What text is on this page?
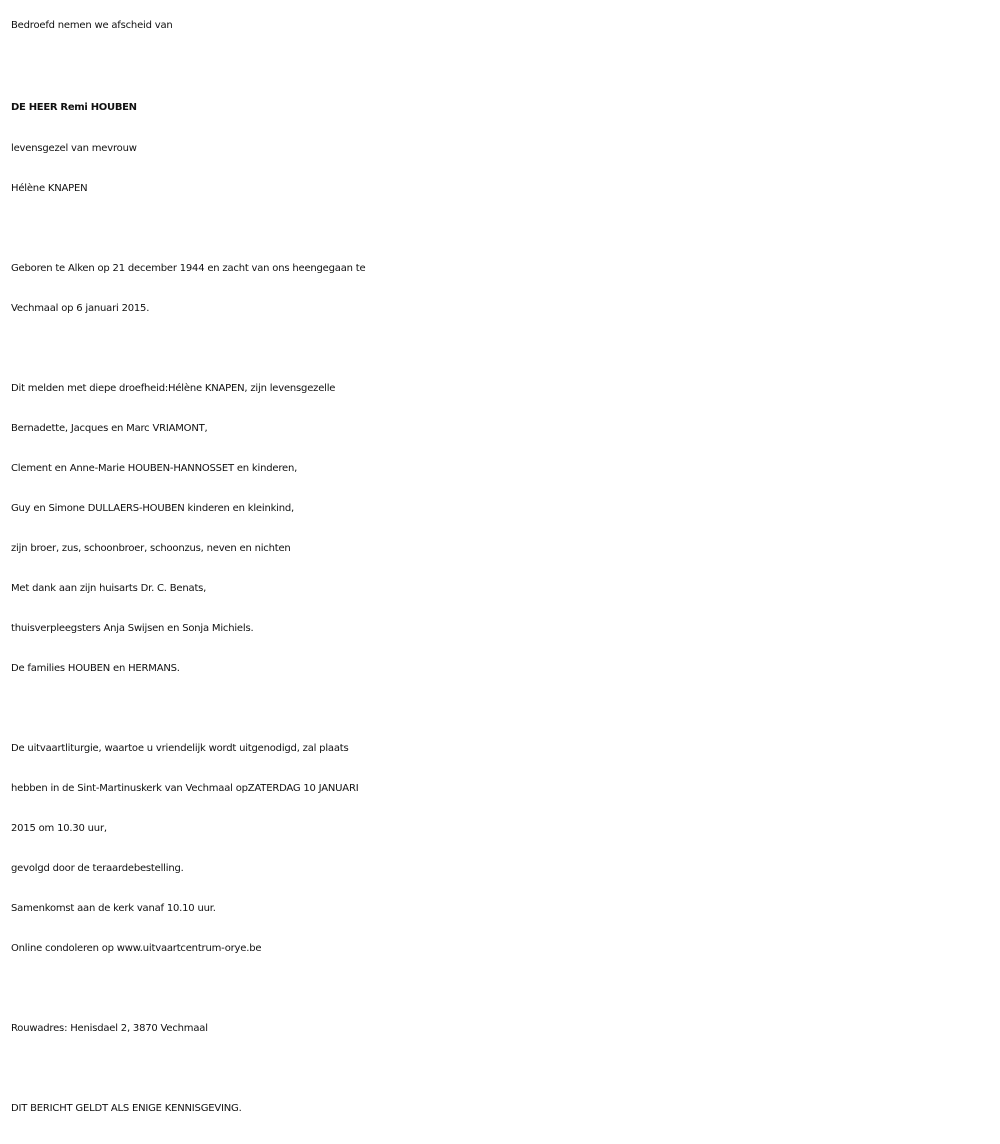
Bedroefd nemen we afscheid van
DE HEER Remi HOUBEN
levensgezel van mevrouw
Hélène KNAPEN
Geboren te Alken op 21 december 1944 en zacht van ons heengegaan te
Vechmaal op 6 januari 2015.
Dit melden met diepe droefheid:Hélène KNAPEN, zijn levensgezelle
Bernadette, Jacques en Marc VRIAMONT,
Clement en Anne-Marie HOUBEN-HANNOSSET en kinderen,
Guy en Simone DULLAERS-HOUBEN kinderen en kleinkind,
zijn broer, zus, schoonbroer, schoonzus, neven en nichten
Met dank aan zijn huisarts Dr. C. Benats,
thuisverpleegsters Anja Swijsen en Sonja Michiels.
De families HOUBEN en HERMANS.
De uitvaartliturgie, waartoe u vriendelijk wordt uitgenodigd, zal plaats
hebben in de Sint-Martinuskerk van Vechmaal opZATERDAG 10 JANUARI
2015 om 10.30 uur,
gevolgd door de teraardebestelling.
Samenkomst aan de kerk vanaf 10.10 uur.
Online condoleren op www.uitvaartcentrum-orye.be
Rouwadres: Henisdael 2, 3870 Vechmaal
DIT BERICHT GELDT ALS ENIGE KENNISGEVING.
